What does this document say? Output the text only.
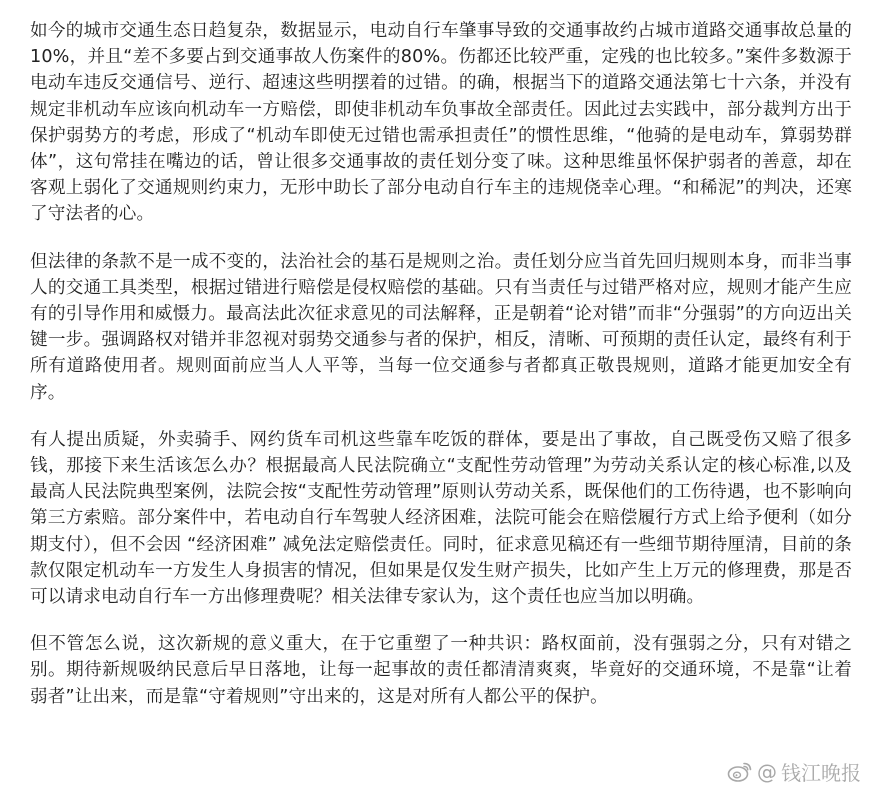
如今的城市交通生态日趋复杂，数据显示，电动自行车肇事导致的交通事故约占城市道路交通事故总量的10%，并且“差不多要占到交通事故人伤案件的80%。伤都还比较严重，定残的也比较多。”案件多数源于电动车违反交通信号、逆行、超速这些明摆着的过错。的确，根据当下的道路交通法第七十六条，并没有规定非机动车应该向机动车一方赔偿，即使非机动车负事故全部责任。因此过去实践中，部分裁判方出于保护弱势方的考虑，形成了“机动车即使无过错也需承担责任”的惯性思维，“他骑的是电动车，算弱势群体”，这句常挂在嘴边的话，曾让很多交通事故的责任划分变了味。这种思维虽怀保护弱者的善意，却在客观上弱化了交通规则约束力，无形中助长了部分电动自行车主的违规侥幸心理。“和稀泥”的判决，还寒了守法者的心。

但法律的条款不是一成不变的，法治社会的基石是规则之治。责任划分应当首先回归规则本身，而非当事人的交通工具类型，根据过错进行赔偿是侵权赔偿的基础。只有当责任与过错严格对应，规则才能产生应有的引导作用和威慑力。最高法此次征求意见的司法解释，正是朝着“论对错”而非“分强弱”的方向迈出关键一步。强调路权对错并非忽视对弱势交通参与者的保护，相反，清晰、可预期的责任认定，最终有利于所有道路使用者。规则面前应当人人平等，当每一位交通参与者都真正敬畏规则，道路才能更加安全有序。

有人提出质疑，外卖骑手、网约货车司机这些靠车吃饭的群体，要是出了事故，自己既受伤又赔了很多钱，那接下来生活该怎么办？根据最高人民法院确立“支配性劳动管理”为劳动关系认定的核心标准,以及最高人民法院典型案例，法院会按“支配性劳动管理”原则认劳动关系，既保他们的工伤待遇，也不影响向第三方索赔。部分案件中，若电动自行车驾驶人经济困难，法院可能会在赔偿履行方式上给予便利（如分期支付），但不会因 “经济困难” 减免法定赔偿责任。同时，征求意见稿还有一些细节期待厘清，目前的条款仅限定机动车一方发生人身损害的情况，但如果是仅发生财产损失，比如产生上万元的修理费，那是否可以请求电动自行车一方出修理费呢？相关法律专家认为，这个责任也应当加以明确。

但不管怎么说，这次新规的意义重大，在于它重塑了一种共识：路权面前，没有强弱之分，只有对错之别。期待新规吸纳民意后早日落地，让每一起事故的责任都清清爽爽，毕竟好的交通环境，不是靠“让着弱者”让出来，而是靠“守着规则”守出来的，这是对所有人都公平的保护。

@ 钱江晚报
